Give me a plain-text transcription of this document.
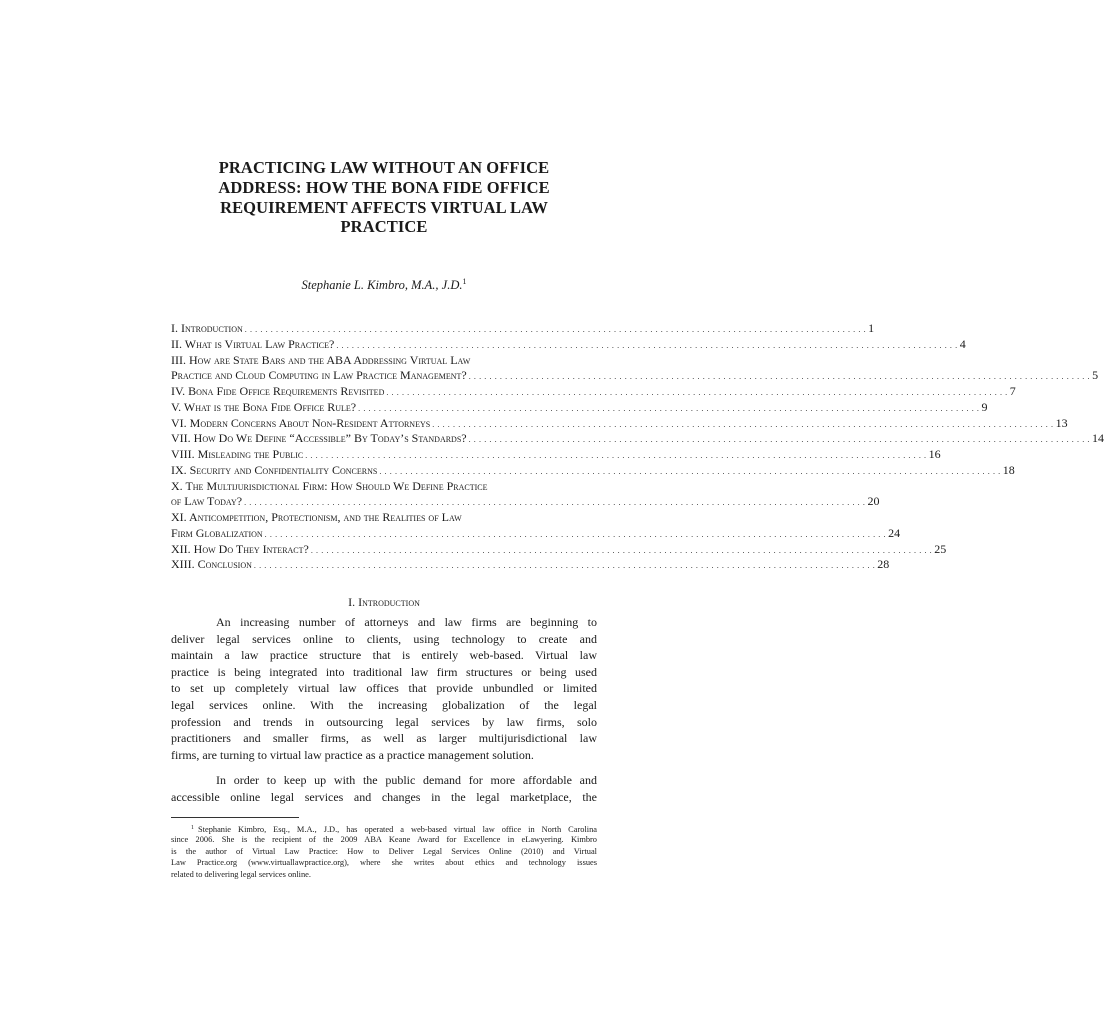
PRACTICING LAW WITHOUT AN OFFICE
ADDRESS: HOW THE BONA FIDE OFFICE
REQUIREMENT AFFECTS VIRTUAL LAW
PRACTICE
Stephanie L. Kimbro, M.A., J.D.$^1$
I. Introduction . . . . . . . . . . . . . . . . . . . . . . . . . . . . . . . . . . . . . . . . . . . . . . . . . . . . . . . . . . . . . . . . . . . . . . . . . . . . . . . . . . . . . . . . . . . . . . . . . . . . . . . . . . . . . . . . . . . . . . . . 1
II. What is Virtual Law Practice? . . . . . . . . . . . . . . . . . . . . . . . . . . . . . . . . . . . . . . . . . . . . . . . . . . . . . . . . . . . . . . . . . . . . . . . . . . . . . . . . . . . . . . . . . . . . . . . . . . . . . . . . . . . . . . . . . . . . . . . . 4
III. How are State Bars and the ABA Addressing Virtual Law
Practice and Cloud Computing in Law Practice Management? . . . . . . . . . . . . . . . . . . . . . . . . . . . . . . . . . . . . . . . . . . . . . . . . . . . . . . . . . . . . . . . . . . . . . . . . . . . . . . . . . . . . . . . . . . . . . . . . . . . . . . . . . . . . . . . . . . . . . . . . 5
IV. Bona Fide Office Requirements Revisited . . . . . . . . . . . . . . . . . . . . . . . . . . . . . . . . . . . . . . . . . . . . . . . . . . . . . . . . . . . . . . . . . . . . . . . . . . . . . . . . . . . . . . . . . . . . . . . . . . . . . . . . . . . . . . . . . . . . . . . . 7
V. What is the Bona Fide Office Rule? . . . . . . . . . . . . . . . . . . . . . . . . . . . . . . . . . . . . . . . . . . . . . . . . . . . . . . . . . . . . . . . . . . . . . . . . . . . . . . . . . . . . . . . . . . . . . . . . . . . . . . . . . . . . . . . . . . . . . . . . 9
VI. Modern Concerns About Non-Resident Attorneys . . . . . . . . . . . . . . . . . . . . . . . . . . . . . . . . . . . . . . . . . . . . . . . . . . . . . . . . . . . . . . . . . . . . . . . . . . . . . . . . . . . . . . . . . . . . . . . . . . . . . . . . . . . . . . . . . . . . . . . . 13
VII. How Do We Define “Accessible” By Today’s Standards? . . . . . . . . . . . . . . . . . . . . . . . . . . . . . . . . . . . . . . . . . . . . . . . . . . . . . . . . . . . . . . . . . . . . . . . . . . . . . . . . . . . . . . . . . . . . . . . . . . . . . . . . . . . . . . . . . . . . . . . . 14
VIII. Misleading the Public . . . . . . . . . . . . . . . . . . . . . . . . . . . . . . . . . . . . . . . . . . . . . . . . . . . . . . . . . . . . . . . . . . . . . . . . . . . . . . . . . . . . . . . . . . . . . . . . . . . . . . . . . . . . . . . . . . . . . . . . 16
IX. Security and Confidentiality Concerns . . . . . . . . . . . . . . . . . . . . . . . . . . . . . . . . . . . . . . . . . . . . . . . . . . . . . . . . . . . . . . . . . . . . . . . . . . . . . . . . . . . . . . . . . . . . . . . . . . . . . . . . . . . . . . . . . . . . . . . . 18
X. The Multijurisdictional Firm: How Should We Define Practice
of Law Today? . . . . . . . . . . . . . . . . . . . . . . . . . . . . . . . . . . . . . . . . . . . . . . . . . . . . . . . . . . . . . . . . . . . . . . . . . . . . . . . . . . . . . . . . . . . . . . . . . . . . . . . . . . . . . . . . . . . . . . . . 20
XI. Anticompetition, Protectionism, and the Realities of Law
Firm Globalization . . . . . . . . . . . . . . . . . . . . . . . . . . . . . . . . . . . . . . . . . . . . . . . . . . . . . . . . . . . . . . . . . . . . . . . . . . . . . . . . . . . . . . . . . . . . . . . . . . . . . . . . . . . . . . . . . . . . . . . . 24
XII. How Do They Interact? . . . . . . . . . . . . . . . . . . . . . . . . . . . . . . . . . . . . . . . . . . . . . . . . . . . . . . . . . . . . . . . . . . . . . . . . . . . . . . . . . . . . . . . . . . . . . . . . . . . . . . . . . . . . . . . . . . . . . . . . 25
XIII. Conclusion . . . . . . . . . . . . . . . . . . . . . . . . . . . . . . . . . . . . . . . . . . . . . . . . . . . . . . . . . . . . . . . . . . . . . . . . . . . . . . . . . . . . . . . . . . . . . . . . . . . . . . . . . . . . . . . . . . . . . . . . 28
I. Introduction
An increasing number of attorneys and law firms are beginning to
deliver legal services online to clients, using technology to create and
maintain a law practice structure that is entirely web-based. Virtual law
practice is being integrated into traditional law firm structures or being used
to set up completely virtual law offices that provide unbundled or limited
legal services online. With the increasing globalization of the legal
profession and trends in outsourcing legal services by law firms, solo
practitioners and smaller firms, as well as larger multijurisdictional law
firms, are turning to virtual law practice as a practice management solution.
In order to keep up with the public demand for more affordable and
accessible online legal services and changes in the legal marketplace, the
$^1$ Stephanie Kimbro, Esq., M.A., J.D., has operated a web-based virtual law office in North Carolina
since 2006. She is the recipient of the 2009 ABA Keane Award for Excellence in eLawyering. Kimbro
is the author of Virtual Law Practice: How to Deliver Legal Services Online (2010) and Virtual
Law Practice.org (www.virtuallawpractice.org), where she writes about ethics and technology issues
related to delivering legal services online.
